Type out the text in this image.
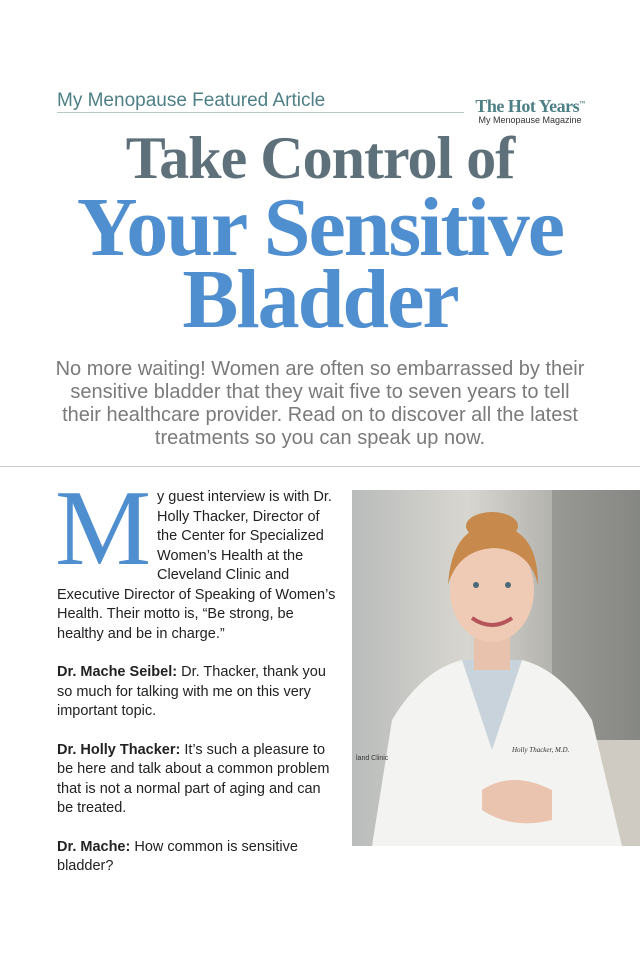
My Menopause Featured Article	The Hot Years™
My Menopause Magazine
Take Control of
Your Sensitive
Bladder
No more waiting! Women are often so embarrassed by their
sensitive bladder that they wait five to seven years to tell
their healthcare provider. Read on to discover all the latest
treatments so you can speak up now.

My guest interview is with Dr. Holly Thacker, Director of the Center for Specialized Women’s Health at the Cleveland Clinic and Executive Director of Speaking of Women’s Health. Their motto is, “Be strong, be healthy and be in charge.”

Dr. Mache Seibel: Dr. Thacker, thank you so much for talking with me on this very important topic.

Dr. Holly Thacker: It’s such a pleasure to be here and talk about a common problem that is not a normal part of aging and can be treated.

Dr. Mache: How common is sensitive bladder?

land Clinic
Holly Thacker, M.D.
